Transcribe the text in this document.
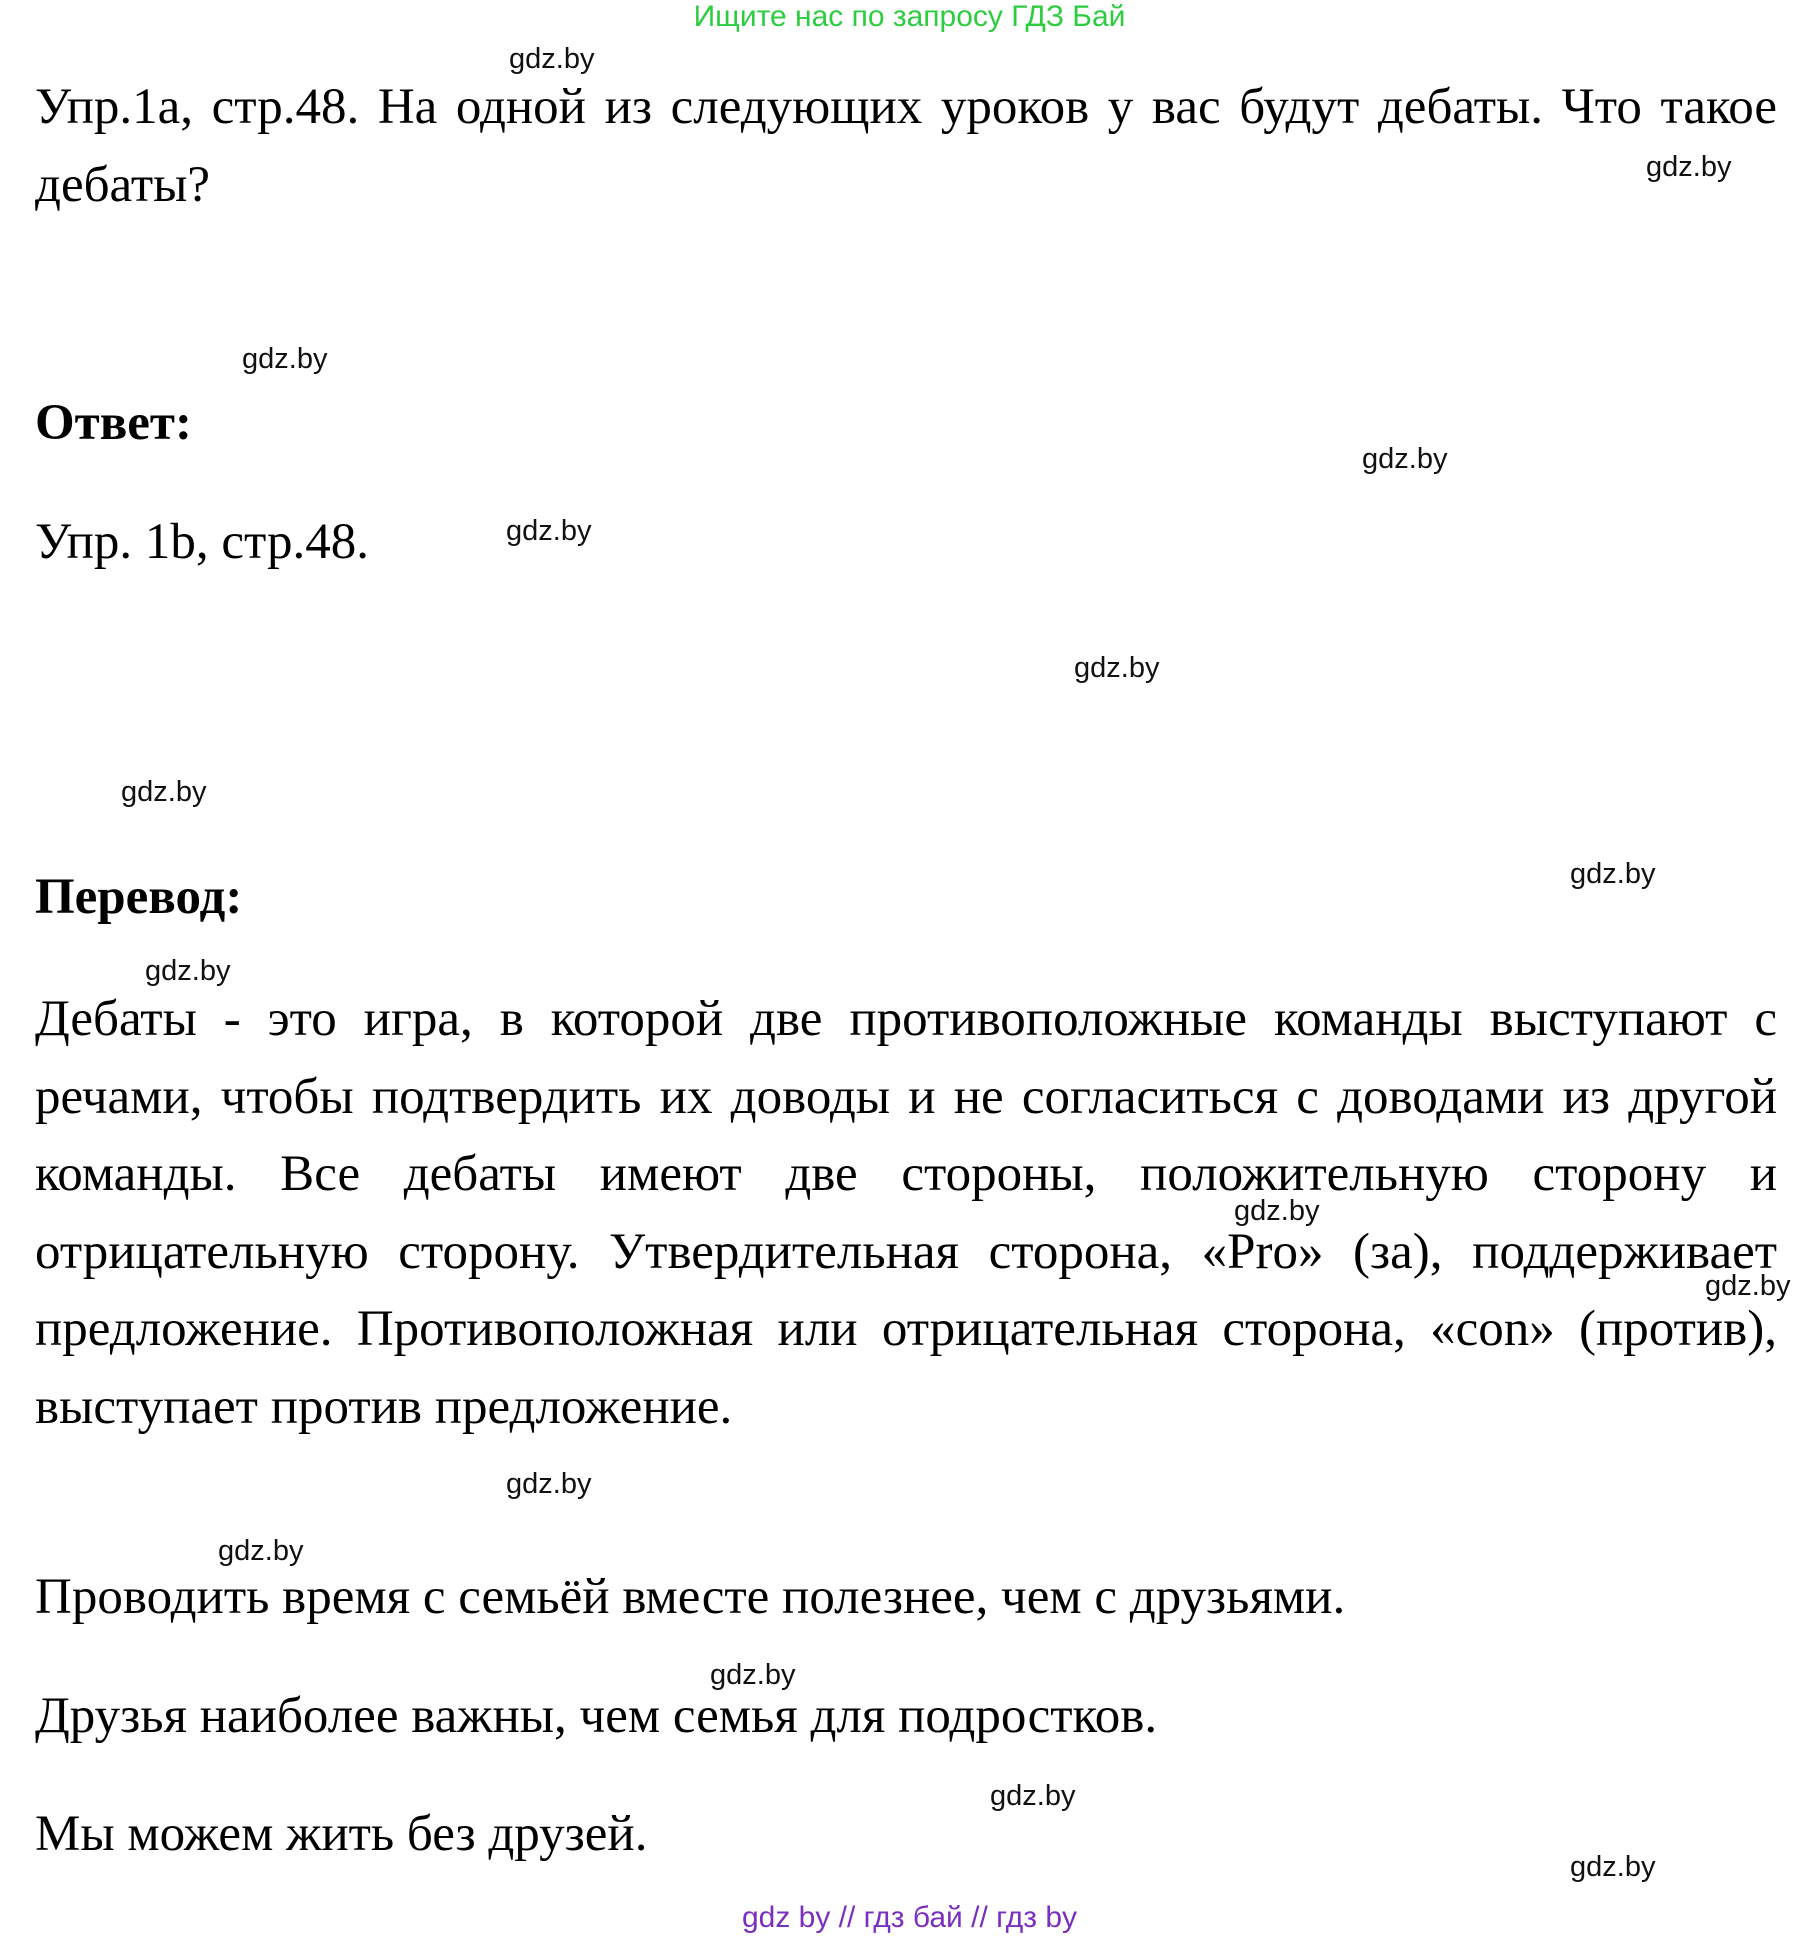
Ищите нас по запросу ГДЗ Бай
Упр.1a, стр.48. На одной из следующих уроков у вас будут дебаты. Что такое дебаты?
Ответ:
Упр. 1b, стр.48.
Перевод:
Дебаты - это игра, в которой две противоположные команды выступают с речами, чтобы подтвердить их доводы и не согласиться с доводами из другой команды. Все дебаты имеют две стороны, положительную сторону и отрицательную сторону. Утвердительная сторона, «Pro» (за), поддерживает предложение. Противоположная или отрицательная сторона, «con» (против), выступает против предложение.
Проводить время с семьёй вместе полезнее, чем с друзьями.
Друзья наиболее важны, чем семья для подростков.
Мы можем жить без друзей.
gdz.by
gdz.by
gdz.by
gdz.by
gdz.by
gdz.by
gdz.by
gdz.by
gdz.by
gdz.by
gdz.by
gdz.by
gdz.by
gdz.by
gdz.by
gdz.by
gdz by // гдз бай // гдз by
